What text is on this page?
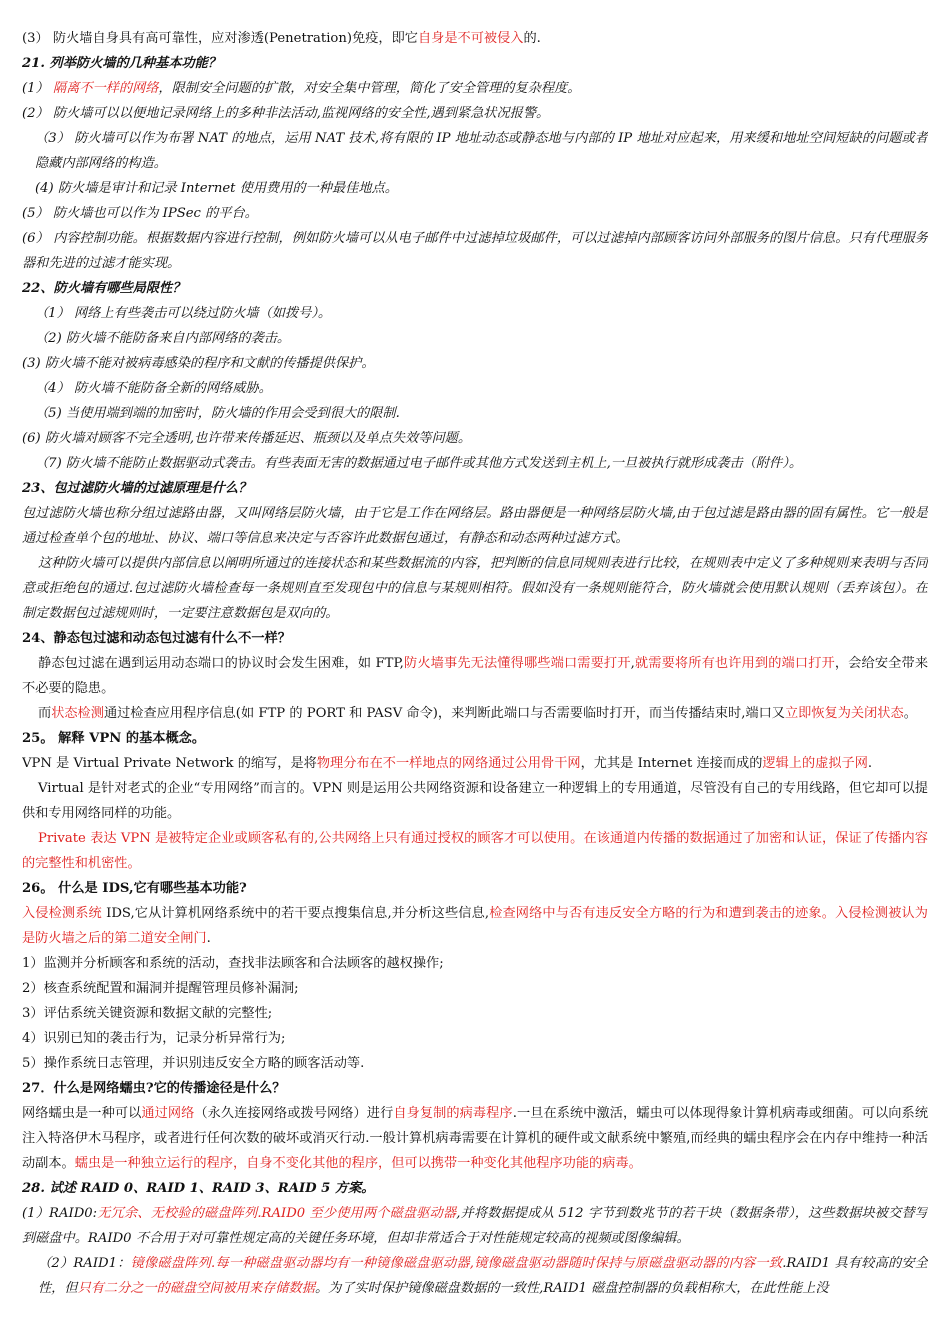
(3） 防火墙自身具有高可靠性，应对渗透(Penetration)免疫，即它自身是不可被侵入的.
21. 列举防火墙的几种基本功能？
(1） 隔离不一样的网络，限制安全问题的扩散，对安全集中管理，简化了安全管理的复杂程度。
(2） 防火墙可以以便地记录网络上的多种非法活动,监视网络的安全性,遇到紧急状况报警。
（3） 防火墙可以作为布署 NAT 的地点，运用 NAT 技术,将有限的 IP 地址动态或静态地与内部的 IP 地址对应起来，用来缓和地址空间短缺的问题或者隐藏内部网络的构造。
(4) 防火墙是审计和记录 Internet 使用费用的一种最佳地点。
(5） 防火墙也可以作为 IPSec 的平台。
(6） 内容控制功能。根据数据内容进行控制，例如防火墙可以从电子邮件中过滤掉垃圾邮件，可以过滤掉内部顾客访问外部服务的图片信息。只有代理服务器和先进的过滤才能实现。
22、防火墙有哪些局限性？
（1） 网络上有些袭击可以绕过防火墙（如拨号）。
（2) 防火墙不能防备来自内部网络的袭击。
(3) 防火墙不能对被病毒感染的程序和文献的传播提供保护。
（4） 防火墙不能防备全新的网络威胁。
（5) 当使用端到端的加密时，防火墙的作用会受到很大的限制.
(6) 防火墙对顾客不完全透明,也许带来传播延迟、瓶颈以及单点失效等问题。
（7) 防火墙不能防止数据驱动式袭击。有些表面无害的数据通过电子邮件或其他方式发送到主机上,一旦被执行就形成袭击（附件）。
23、包过滤防火墙的过滤原理是什么？
包过滤防火墙也称分组过滤路由器，又叫网络层防火墙，由于它是工作在网络层。路由器便是一种网络层防火墙,由于包过滤是路由器的固有属性。它一般是通过检查单个包的地址、协议、端口等信息来决定与否容许此数据包通过，有静态和动态两种过滤方式。
这种防火墙可以提供内部信息以阐明所通过的连接状态和某些数据流的内容，把判断的信息同规则表进行比较，在规则表中定义了多种规则来表明与否同意或拒绝包的通过.包过滤防火墙检查每一条规则直至发现包中的信息与某规则相符。假如没有一条规则能符合，防火墙就会使用默认规则（丢弃该包）。在制定数据包过滤规则时，一定要注意数据包是双向的。
24、静态包过滤和动态包过滤有什么不一样？
静态包过滤在遇到运用动态端口的协议时会发生困难，如 FTP,防火墙事先无法懂得哪些端口需要打开,就需要将所有也许用到的端口打开，会给安全带来不必要的隐患。
而状态检测通过检查应用程序信息(如 FTP 的 PORT 和 PASV 命令)，来判断此端口与否需要临时打开，而当传播结束时,端口又立即恢复为关闭状态。
25。 解释 VPN 的基本概念。
VPN 是 Virtual Private Network 的缩写，是将物理分布在不一样地点的网络通过公用骨干网，尤其是 Internet 连接而成的逻辑上的虚拟子网.
Virtual 是针对老式的企业“专用网络”而言的。VPN 则是运用公共网络资源和设备建立一种逻辑上的专用通道，尽管没有自己的专用线路，但它却可以提供和专用网络同样的功能。
Private 表达 VPN 是被特定企业或顾客私有的,公共网络上只有通过授权的顾客才可以使用。在该通道内传播的数据通过了加密和认证，保证了传播内容的完整性和机密性。
26。 什么是 IDS,它有哪些基本功能?
入侵检测系统 IDS,它从计算机网络系统中的若干要点搜集信息,并分析这些信息,检查网络中与否有违反安全方略的行为和遭到袭击的迹象。入侵检测被认为是防火墙之后的第二道安全闸门.
1）监测并分析顾客和系统的活动，查找非法顾客和合法顾客的越权操作;
2）核查系统配置和漏洞并提醒管理员修补漏洞;
3）评估系统关键资源和数据文献的完整性;
4）识别已知的袭击行为，记录分析异常行为;
5）操作系统日志管理，并识别违反安全方略的顾客活动等.
27．什么是网络蠕虫?它的传播途径是什么？
网络蠕虫是一种可以通过网络（永久连接网络或拨号网络）进行自身复制的病毒程序.一旦在系统中激活，蠕虫可以体现得象计算机病毒或细菌。可以向系统注入特洛伊木马程序，或者进行任何次数的破坏或消灭行动.一般计算机病毒需要在计算机的硬件或文献系统中繁殖,而经典的蠕虫程序会在内存中维持一种活动副本。蠕虫是一种独立运行的程序，自身不变化其他的程序，但可以携带一种变化其他程序功能的病毒。
28. 试述 RAID 0、RAID 1、RAID 3、RAID 5 方案。
(1）RAID0:无冗余、无校验的磁盘阵列.RAID0 至少使用两个磁盘驱动器,并将数据提成从 512 字节到数兆节的若干块（数据条带），这些数据块被交替写到磁盘中。RAID0 不合用于对可靠性规定高的关键任务环境，但却非常适合于对性能规定较高的视频或图像编辑。
（2）RAID1：镜像磁盘阵列.每一种磁盘驱动器均有一种镜像磁盘驱动器,镜像磁盘驱动器随时保持与原磁盘驱动器的内容一致.RAID1 具有较高的安全性，但只有二分之一的磁盘空间被用来存储数据。为了实时保护镜像磁盘数据的一致性,RAID1 磁盘控制器的负载相称大，在此性能上没
